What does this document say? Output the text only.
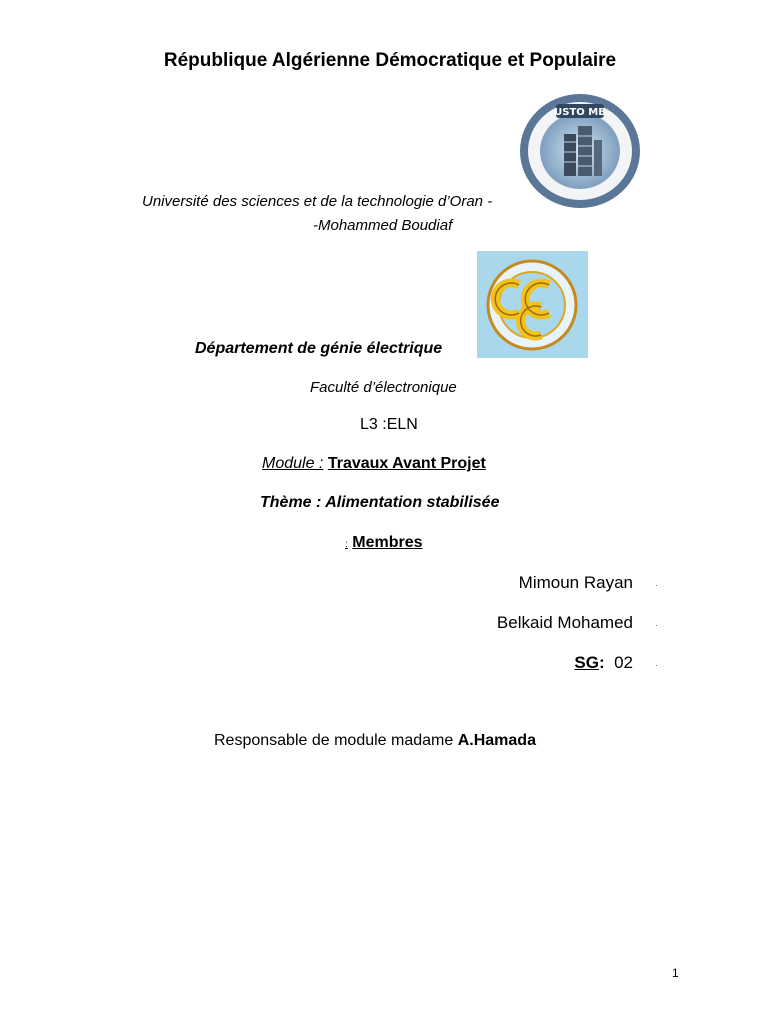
République Algérienne Démocratique et Populaire
USTO MB
Université des sciences et de la technologie d’Oran -
-Mohammed Boudiaf
Département de génie électrique
Faculté d’électronique
L3 :ELN
Module : Travaux Avant Projet
Thème : Alimentation stabilisée
: Membres
Mimoun Rayan
Belkaid Mohamed
SG: 02
·
·
·
Responsable de module madame A.Hamada
1
